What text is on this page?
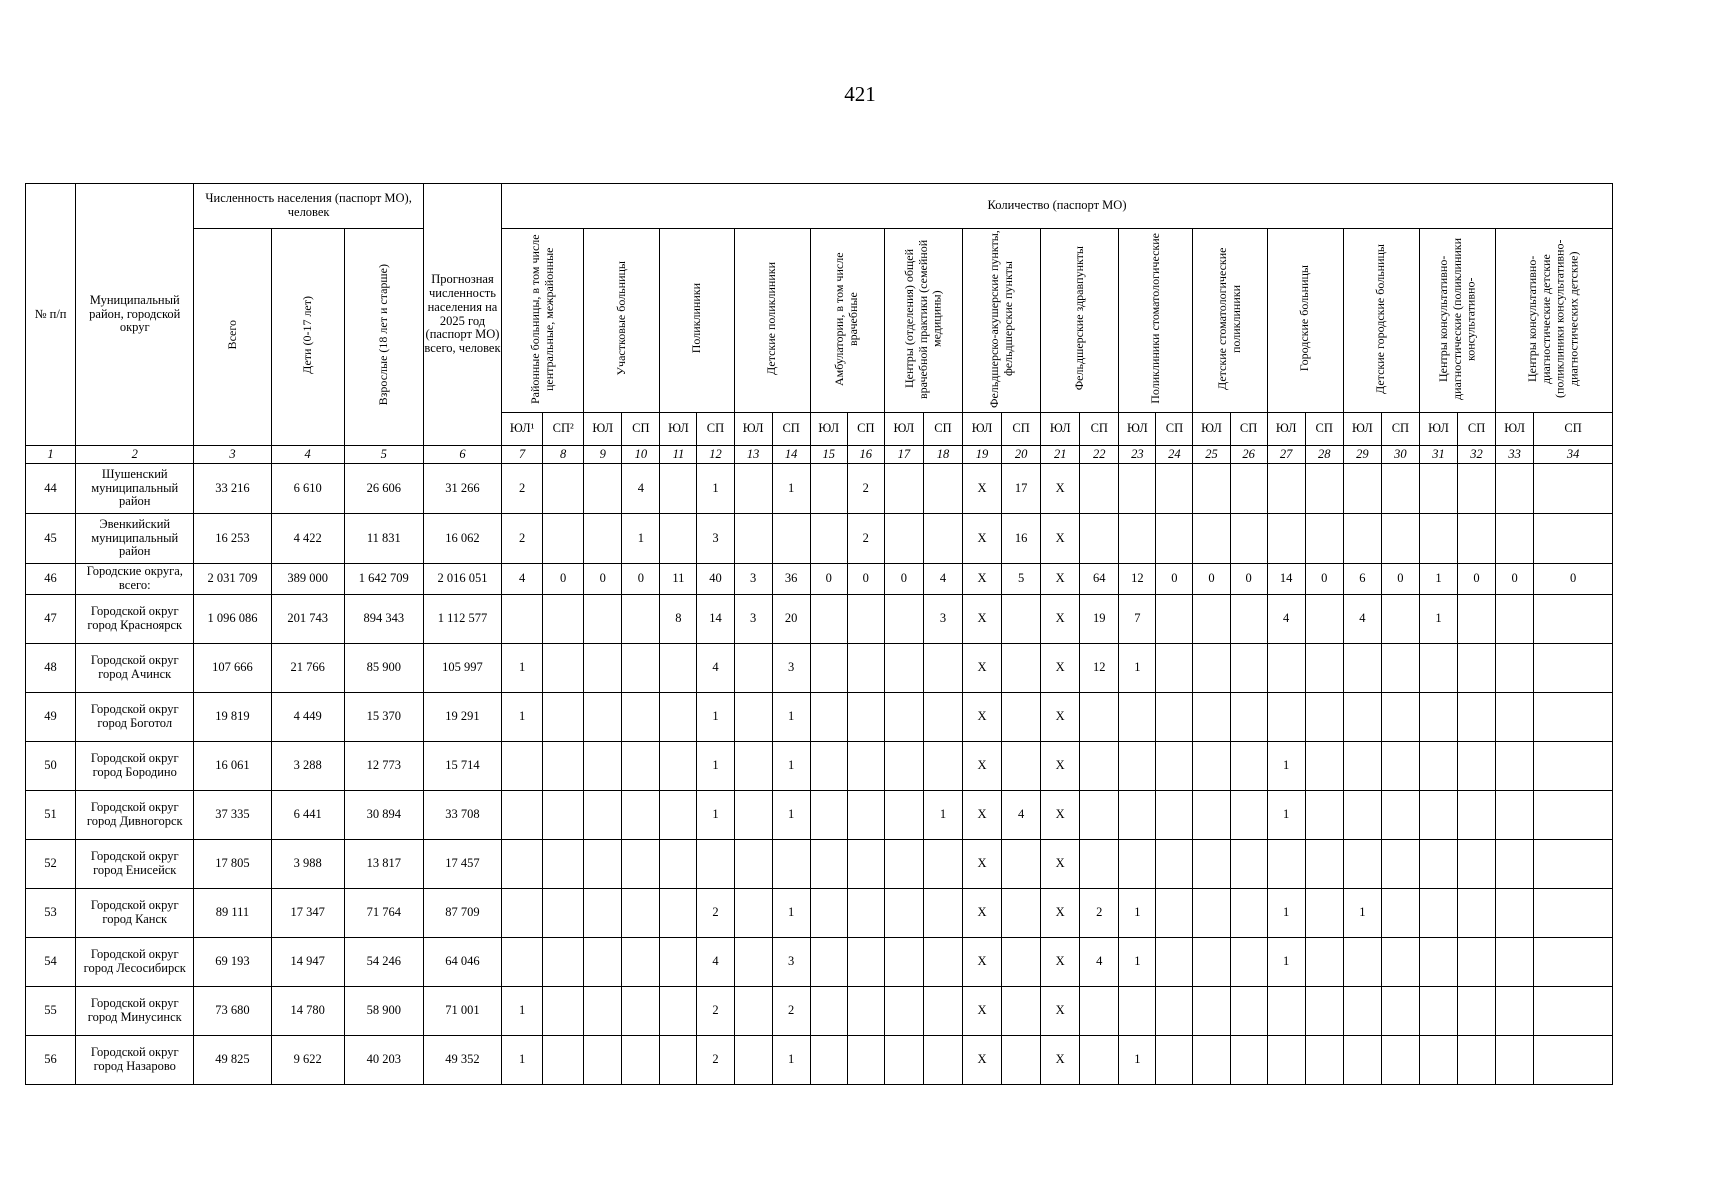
421
№ п/п	Муниципальный район, городской округ	Численность населения (паспорт МО), человек			Прогнозная численность населения на 2025 год (паспорт МО) всего, человек	Количество (паспорт МО)																											
		Всего	Дети (0-17 лет)	Взрослые (18 лет и старше)		Районные больницы, в том числе центральные, межрайонные		Участковые больницы		Поликлиники		Детские поликлиники		Амбулатории, в том числе врачебные		Центры (отделения) общей врачебной практики (семейной медицины)		Фельдшерско-акушерские пункты, фельдшерские пункты		Фельдшерские здравпункты		Поликлиники стоматологические		Детские стоматологические поликлиники		Городские больницы		Детские городские больницы		Центры консультативно-диагностические (поликлиники консультативно-		Центры консультативно-диагностические детские (поликлиники консультативно-диагностических детские)	
						ЮЛ¹	СП²	ЮЛ	СП	ЮЛ	СП	ЮЛ	СП	ЮЛ	СП	ЮЛ	СП	ЮЛ	СП	ЮЛ	СП	ЮЛ	СП	ЮЛ	СП	ЮЛ	СП	ЮЛ	СП	ЮЛ	СП	ЮЛ	СП
1	2	3	4	5	6	7	8	9	10	11	12	13	14	15	16	17	18	19	20	21	22	23	24	25	26	27	28	29	30	31	32	33	34
44	Шушенский муниципальный район	33 216	6 610	26 606	31 266	2			4		1		1		2			X	17	X													
45	Эвенкийский муниципальный район	16 253	4 422	11 831	16 062	2			1		3				2			X	16	X													
46	Городские округа, всего:	2 031 709	389 000	1 642 709	2 016 051	4	0	0	0	11	40	3	36	0	0	0	4	X	5	X	64	12	0	0	0	14	0	6	0	1	0	0	0
47	Городской округ город Красноярск	1 096 086	201 743	894 343	1 112 577					8	14	3	20				3	X		X	19	7				4		4		1			
48	Городской округ город Ачинск	107 666	21 766	85 900	105 997	1					4		3					X		X	12	1											
49	Городской округ город Боготол	19 819	4 449	15 370	19 291	1					1		1					X		X													
50	Городской округ город Бородино	16 061	3 288	12 773	15 714						1		1					X		X						1							
51	Городской округ город Дивногорск	37 335	6 441	30 894	33 708						1		1				1	X	4	X						1							
52	Городской округ город Енисейск	17 805	3 988	13 817	17 457													X		X													
53	Городской округ город Канск	89 111	17 347	71 764	87 709						2		1					X		X	2	1				1		1					
54	Городской округ город Лесосибирск	69 193	14 947	54 246	64 046						4		3					X		X	4	1				1							
55	Городской округ город Минусинск	73 680	14 780	58 900	71 001	1					2		2					X		X													
56	Городской округ город Назарово	49 825	9 622	40 203	49 352	1					2		1					X		X		1											
